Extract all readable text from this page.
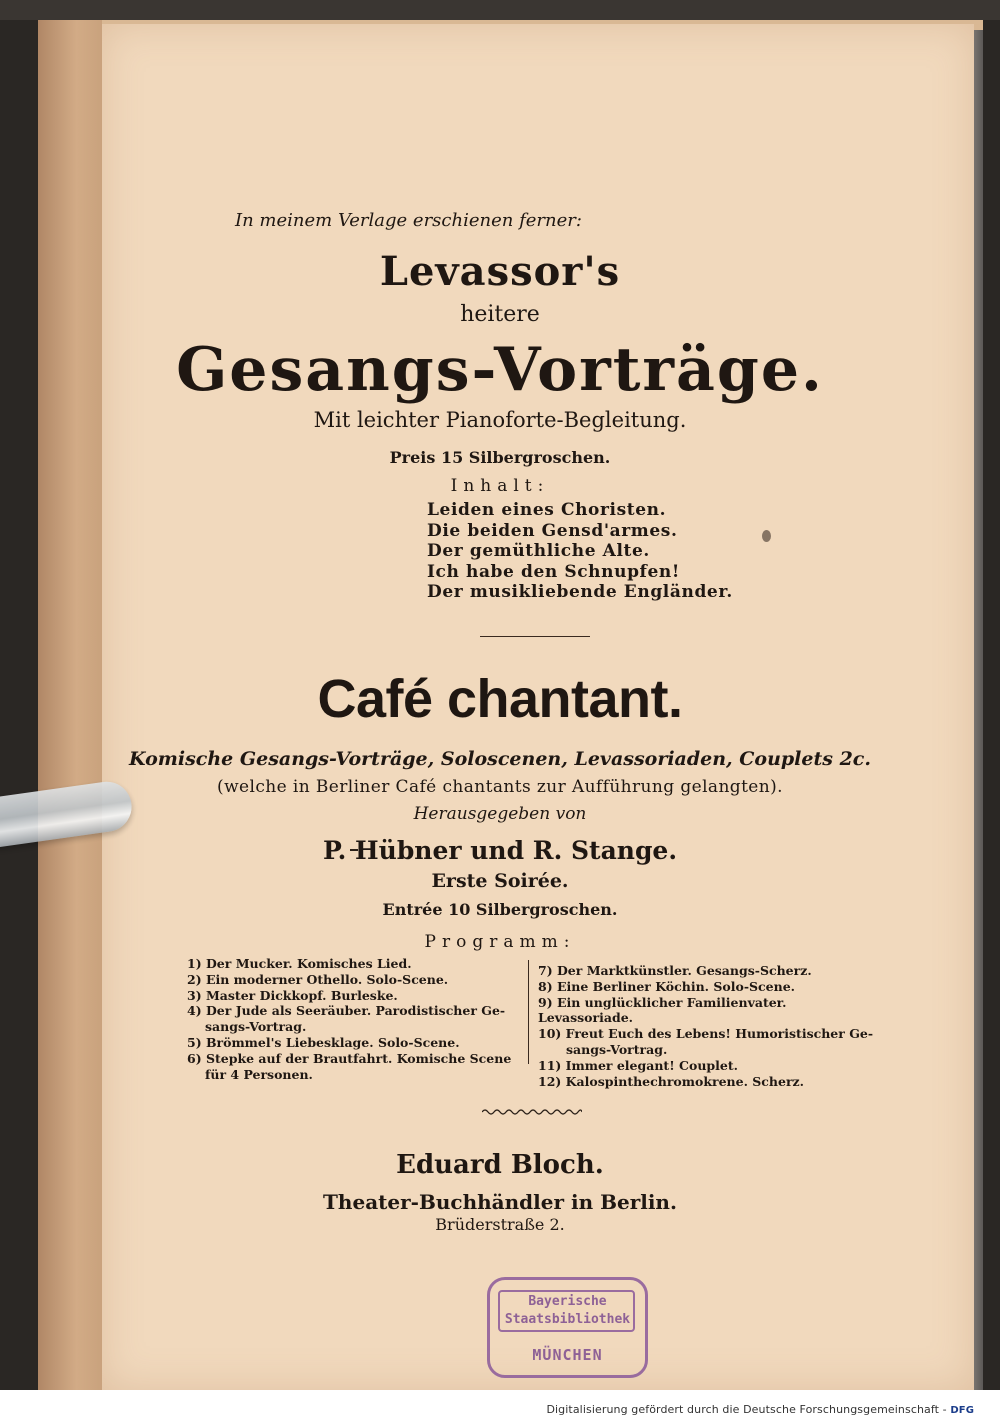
In meinem Verlage erschienen ferner:
Levassor's
heitere
Gesangs-Vorträge.
Mit leichter Pianoforte-Begleitung.
Preis 15 Silbergroschen.
Inhalt:
Leiden eines Choristen.
Die beiden Gensd'armes.
Der gemüthliche Alte.
Ich habe den Schnupfen!
Der musikliebende Engländer.
Café chantant.
Komische Gesangs-Vorträge, Soloscenen, Levassoriaden, Couplets 2c.
(welche in Berliner Café chantants zur Aufführung gelangten).
Herausgegeben von
P. Hübner und R. Stange.
Erste Soirée.
Entrée 10 Silbergroschen.
Programm:
1) Der Mucker. Komisches Lied.
2) Ein moderner Othello. Solo-Scene.
3) Master Dickkopf. Burleske.
4) Der Jude als Seeräuber. Parodistischer Ge-
sangs-Vortrag.
5) Brömmel's Liebesklage. Solo-Scene.
6) Stepke auf der Brautfahrt. Komische Scene
für 4 Personen.
7) Der Marktkünstler. Gesangs-Scherz.
8) Eine Berliner Köchin. Solo-Scene.
9) Ein unglücklicher Familienvater. Levassoriade.
10) Freut Euch des Lebens! Humoristischer Ge-
sangs-Vortrag.
11) Immer elegant! Couplet.
12) Kalospinthechromokrene. Scherz.
Eduard Bloch.
Theater-Buchhändler in Berlin.
Brüderstraße 2.
Bayerische
Staatsbibliothek
MÜNCHEN
Digitalisierung gefördert durch die Deutsche Forschungsgemeinschaft - DFG
